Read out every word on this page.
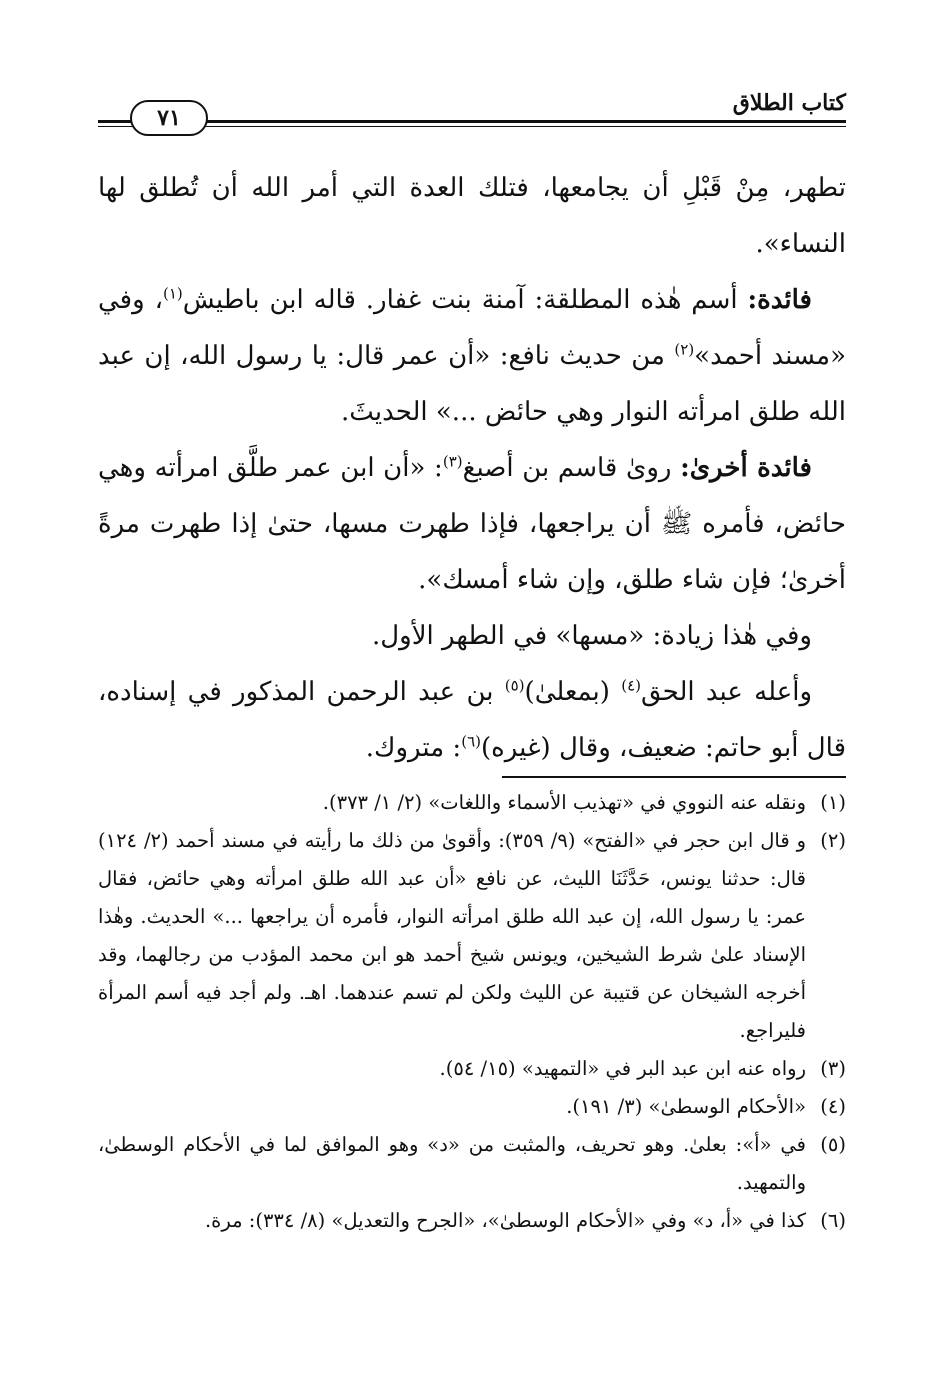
كتاب الطلاق
٧١

تطهر، مِنْ قَبْلِ أن يجامعها، فتلك العدة التي أمر الله أن تُطلق لها النساء».

فائدة: أسم هٰذه المطلقة: آمنة بنت غفار. قاله ابن باطيش$^{(١)}$، وفي «مسند أحمد»$^{(٢)}$ من حديث نافع: «أن عمر قال: يا رسول الله، إن عبد الله طلق امرأته النوار وهي حائض ...» الحديثَ.

فائدة أخرىٰ: روىٰ قاسم بن أصبغ$^{(٣)}$: «أن ابن عمر طلَّق امرأته وهي حائض، فأمره ﷺ أن يراجعها، فإذا طهرت مسها، حتىٰ إذا طهرت مرةً أخرىٰ؛ فإن شاء طلق، وإن شاء أمسك».

وفي هٰذا زيادة: «مسها» في الطهر الأول.

وأعله عبد الحق$^{(٤)}$ (بمعلىٰ)$^{(٥)}$ بن عبد الرحمن المذكور في إسناده، قال أبو حاتم: ضعيف، وقال (غيره)$^{(٦)}$: متروك.

(١)
ونقله عنه النووي في «تهذيب الأسماء واللغات» (٢/ ١/ ٣٧٣).

(٢)
و قال ابن حجر في «الفتح» (٩/ ٣٥٩): وأقوىٰ من ذلك ما رأيته في مسند أحمد (٢/ ١٢٤) قال: حدثنا يونس، حَدَّثَنَا الليث، عن نافع «أن عبد الله طلق امرأته وهي حائض، فقال عمر: يا رسول الله، إن عبد الله طلق امرأته النوار، فأمره أن يراجعها ...» الحديث. وهٰذا الإسناد علىٰ شرط الشيخين، ويونس شيخ أحمد هو ابن محمد المؤدب من رجالهما، وقد أخرجه الشيخان عن قتيبة عن الليث ولكن لم تسم عندهما. اهـ. ولم أجد فيه أسم المرأة فليراجع.

(٣)
رواه عنه ابن عبد البر في «التمهيد» (١٥/ ٥٤).

(٤)
«الأحكام الوسطىٰ» (٣/ ١٩١).

(٥)
في «أ»: بعلىٰ. وهو تحريف، والمثبت من «د» وهو الموافق لما في الأحكام الوسطىٰ، والتمهيد.

(٦)
كذا في «أ، د» وفي «الأحكام الوسطىٰ»، «الجرح والتعديل» (٨/ ٣٣٤): مرة.
